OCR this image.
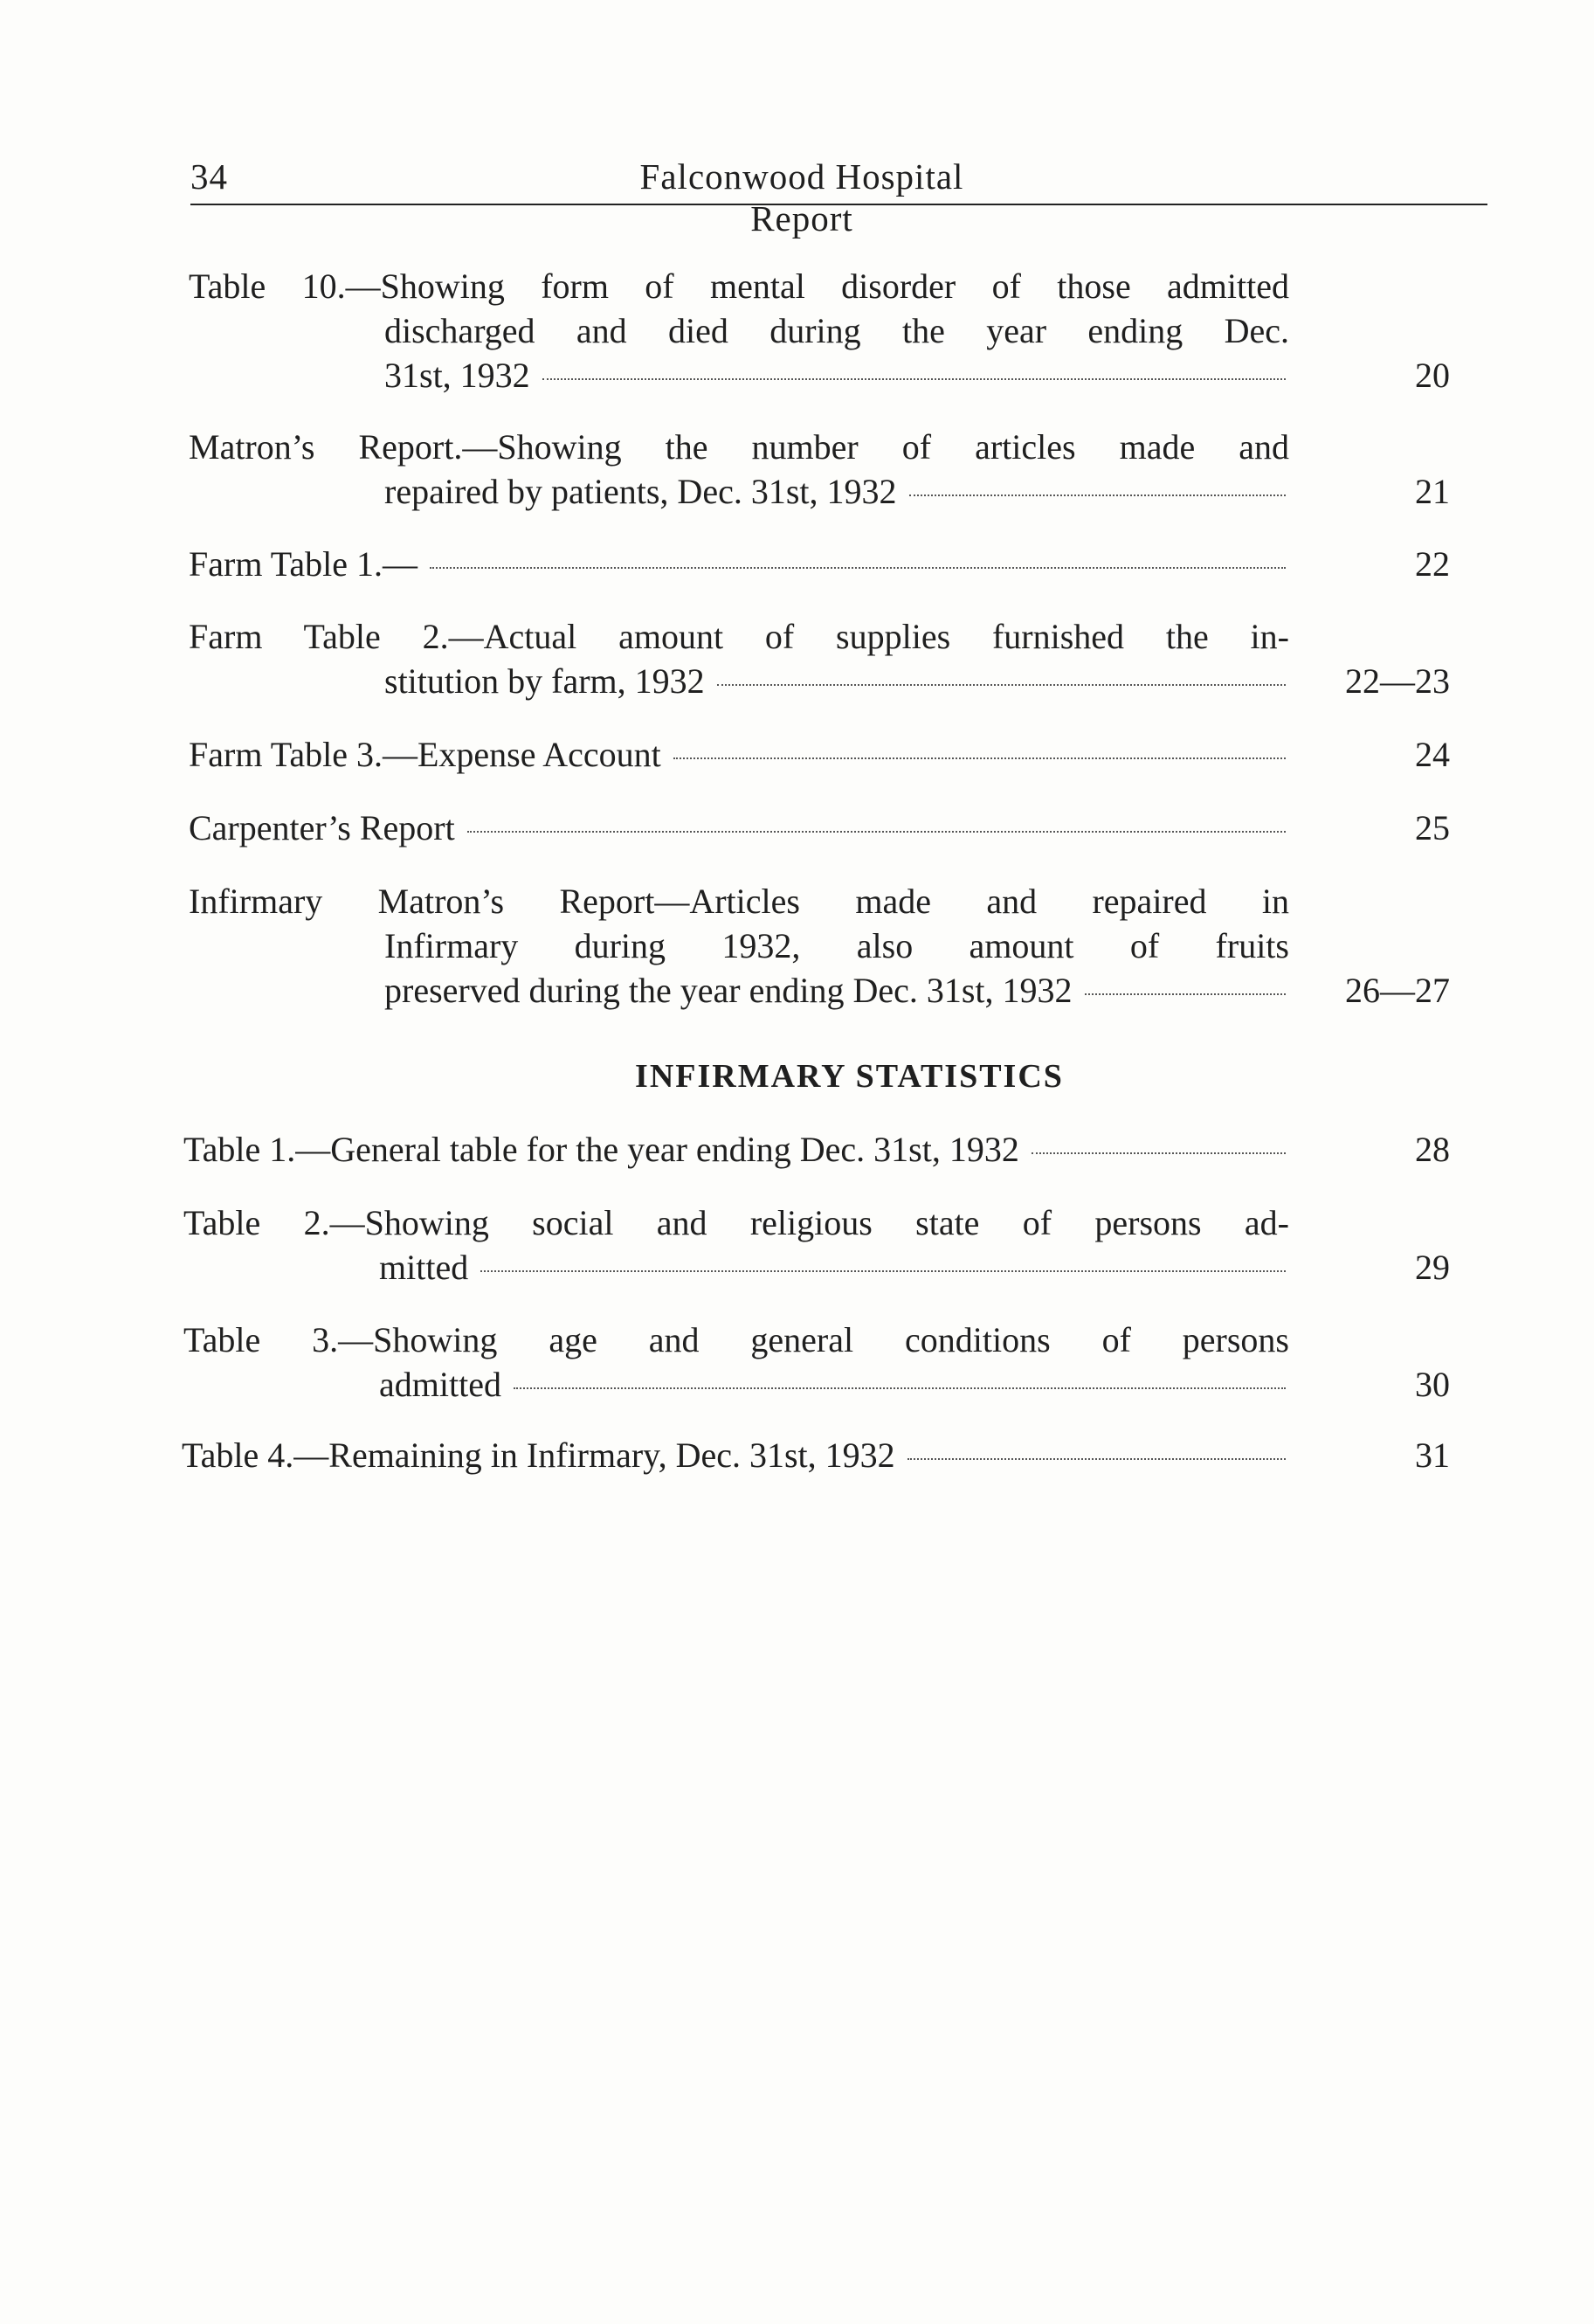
34	Falconwood Hospital Report
Table 10.—Showing form of mental disorder of those admitted
discharged and died during the year ending Dec.
31st, 1932	20
Matron’s Report.—Showing the number of articles made and
repaired by patients, Dec. 31st, 1932	21
Farm Table 1.—	22
Farm Table 2.—Actual amount of supplies furnished the in-
stitution by farm, 1932	22—23
Farm Table 3.—Expense Account	24
Carpenter’s Report	25
Infirmary Matron’s Report—Articles made and repaired in
Infirmary during 1932, also amount of fruits
preserved during the year ending Dec. 31st, 1932	26—27
INFIRMARY STATISTICS
Table 1.—General table for the year ending Dec. 31st, 1932	28
Table 2.—Showing social and religious state of persons ad-
mitted	29
Table 3.—Showing age and general conditions of persons
admitted	30
Table 4.—Remaining in Infirmary, Dec. 31st, 1932	31
